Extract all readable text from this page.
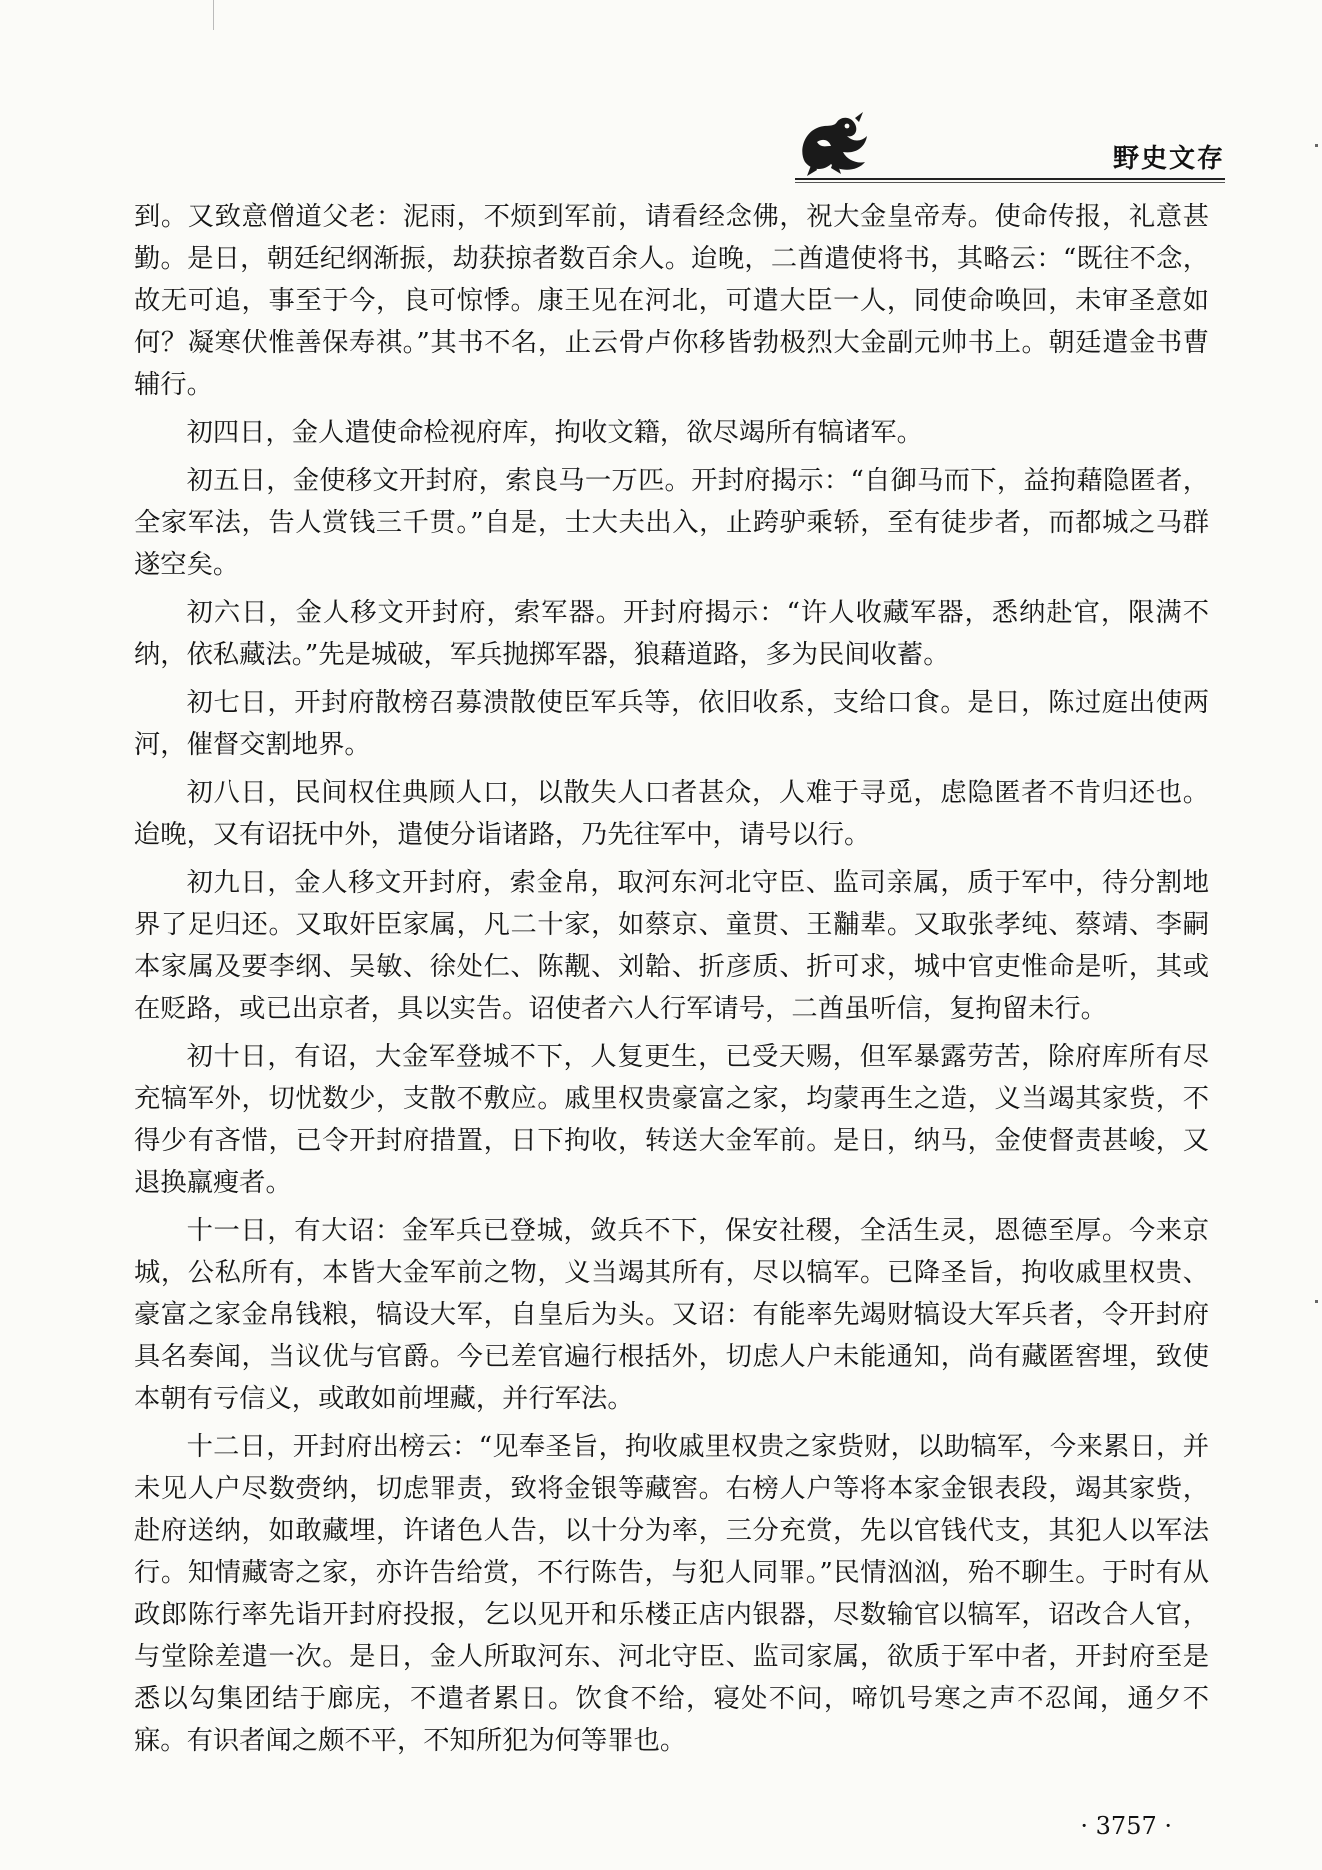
野史文存

到。又致意僧道父老：泥雨，不烦到军前，请看经念佛，祝大金皇帝寿。使命传报，礼意甚勤。是日，朝廷纪纲渐振，劫获掠者数百余人。迨晚，二酋遣使将书，其略云：“既往不念，故无可追，事至于今，良可惊悸。康王见在河北，可遣大臣一人，同使命唤回，未审圣意如何？凝寒伏惟善保寿祺。”其书不名，止云骨卢你移皆勃极烈大金副元帅书上。朝廷遣金书曹辅行。

初四日，金人遣使命检视府库，拘收文籍，欲尽竭所有犒诸军。

初五日，金使移文开封府，索良马一万匹。开封府揭示：“自御马而下，益拘藉隐匿者，全家军法，告人赏钱三千贯。”自是，士大夫出入，止跨驴乘轿，至有徒步者，而都城之马群遂空矣。

初六日，金人移文开封府，索军器。开封府揭示：“许人收藏军器，悉纳赴官，限满不纳，依私藏法。”先是城破，军兵抛掷军器，狼藉道路，多为民间收蓄。

初七日，开封府散榜召募溃散使臣军兵等，依旧收系，支给口食。是日，陈过庭出使两河，催督交割地界。

初八日，民间权住典顾人口，以散失人口者甚众，人难于寻觅，虑隐匿者不肯归还也。迨晚，又有诏抚中外，遣使分诣诸路，乃先往军中，请号以行。

初九日，金人移文开封府，索金帛，取河东河北守臣、监司亲属，质于军中，待分割地界了足归还。又取奸臣家属，凡二十家，如蔡京、童贯、王黼辈。又取张孝纯、蔡靖、李嗣本家属及要李纲、吴敏、徐处仁、陈觏、刘韐、折彦质、折可求，城中官吏惟命是听，其或在贬路，或已出京者，具以实告。诏使者六人行军请号，二酋虽听信，复拘留未行。

初十日，有诏，大金军登城不下，人复更生，已受天赐，但军暴露劳苦，除府库所有尽充犒军外，切忧数少，支散不敷应。戚里权贵豪富之家，均蒙再生之造，义当竭其家赀，不得少有吝惜，已令开封府措置，日下拘收，转送大金军前。是日，纳马，金使督责甚峻，又退换羸瘦者。

十一日，有大诏：金军兵已登城，敛兵不下，保安社稷，全活生灵，恩德至厚。今来京城，公私所有，本皆大金军前之物，义当竭其所有，尽以犒军。已降圣旨，拘收戚里权贵、豪富之家金帛钱粮，犒设大军，自皇后为头。又诏：有能率先竭财犒设大军兵者，令开封府具名奏闻，当议优与官爵。今已差官遍行根括外，切虑人户未能通知，尚有藏匿窖埋，致使本朝有亏信义，或敢如前埋藏，并行军法。

十二日，开封府出榜云：“见奉圣旨，拘收戚里权贵之家赀财，以助犒军，今来累日，并未见人户尽数赍纳，切虑罪责，致将金银等藏窖。右榜人户等将本家金银表段，竭其家赀，赴府送纳，如敢藏埋，许诸色人告，以十分为率，三分充赏，先以官钱代支，其犯人以军法行。知情藏寄之家，亦许告给赏，不行陈告，与犯人同罪。”民情汹汹，殆不聊生。于时有从政郎陈行率先诣开封府投报，乞以见开和乐楼正店内银器，尽数输官以犒军，诏改合人官，与堂除差遣一次。是日，金人所取河东、河北守臣、监司家属，欲质于军中者，开封府至是悉以勾集团结于廊庑，不遣者累日。饮食不给，寝处不问，啼饥号寒之声不忍闻，通夕不寐。有识者闻之颇不平，不知所犯为何等罪也。

· 3757 ·
